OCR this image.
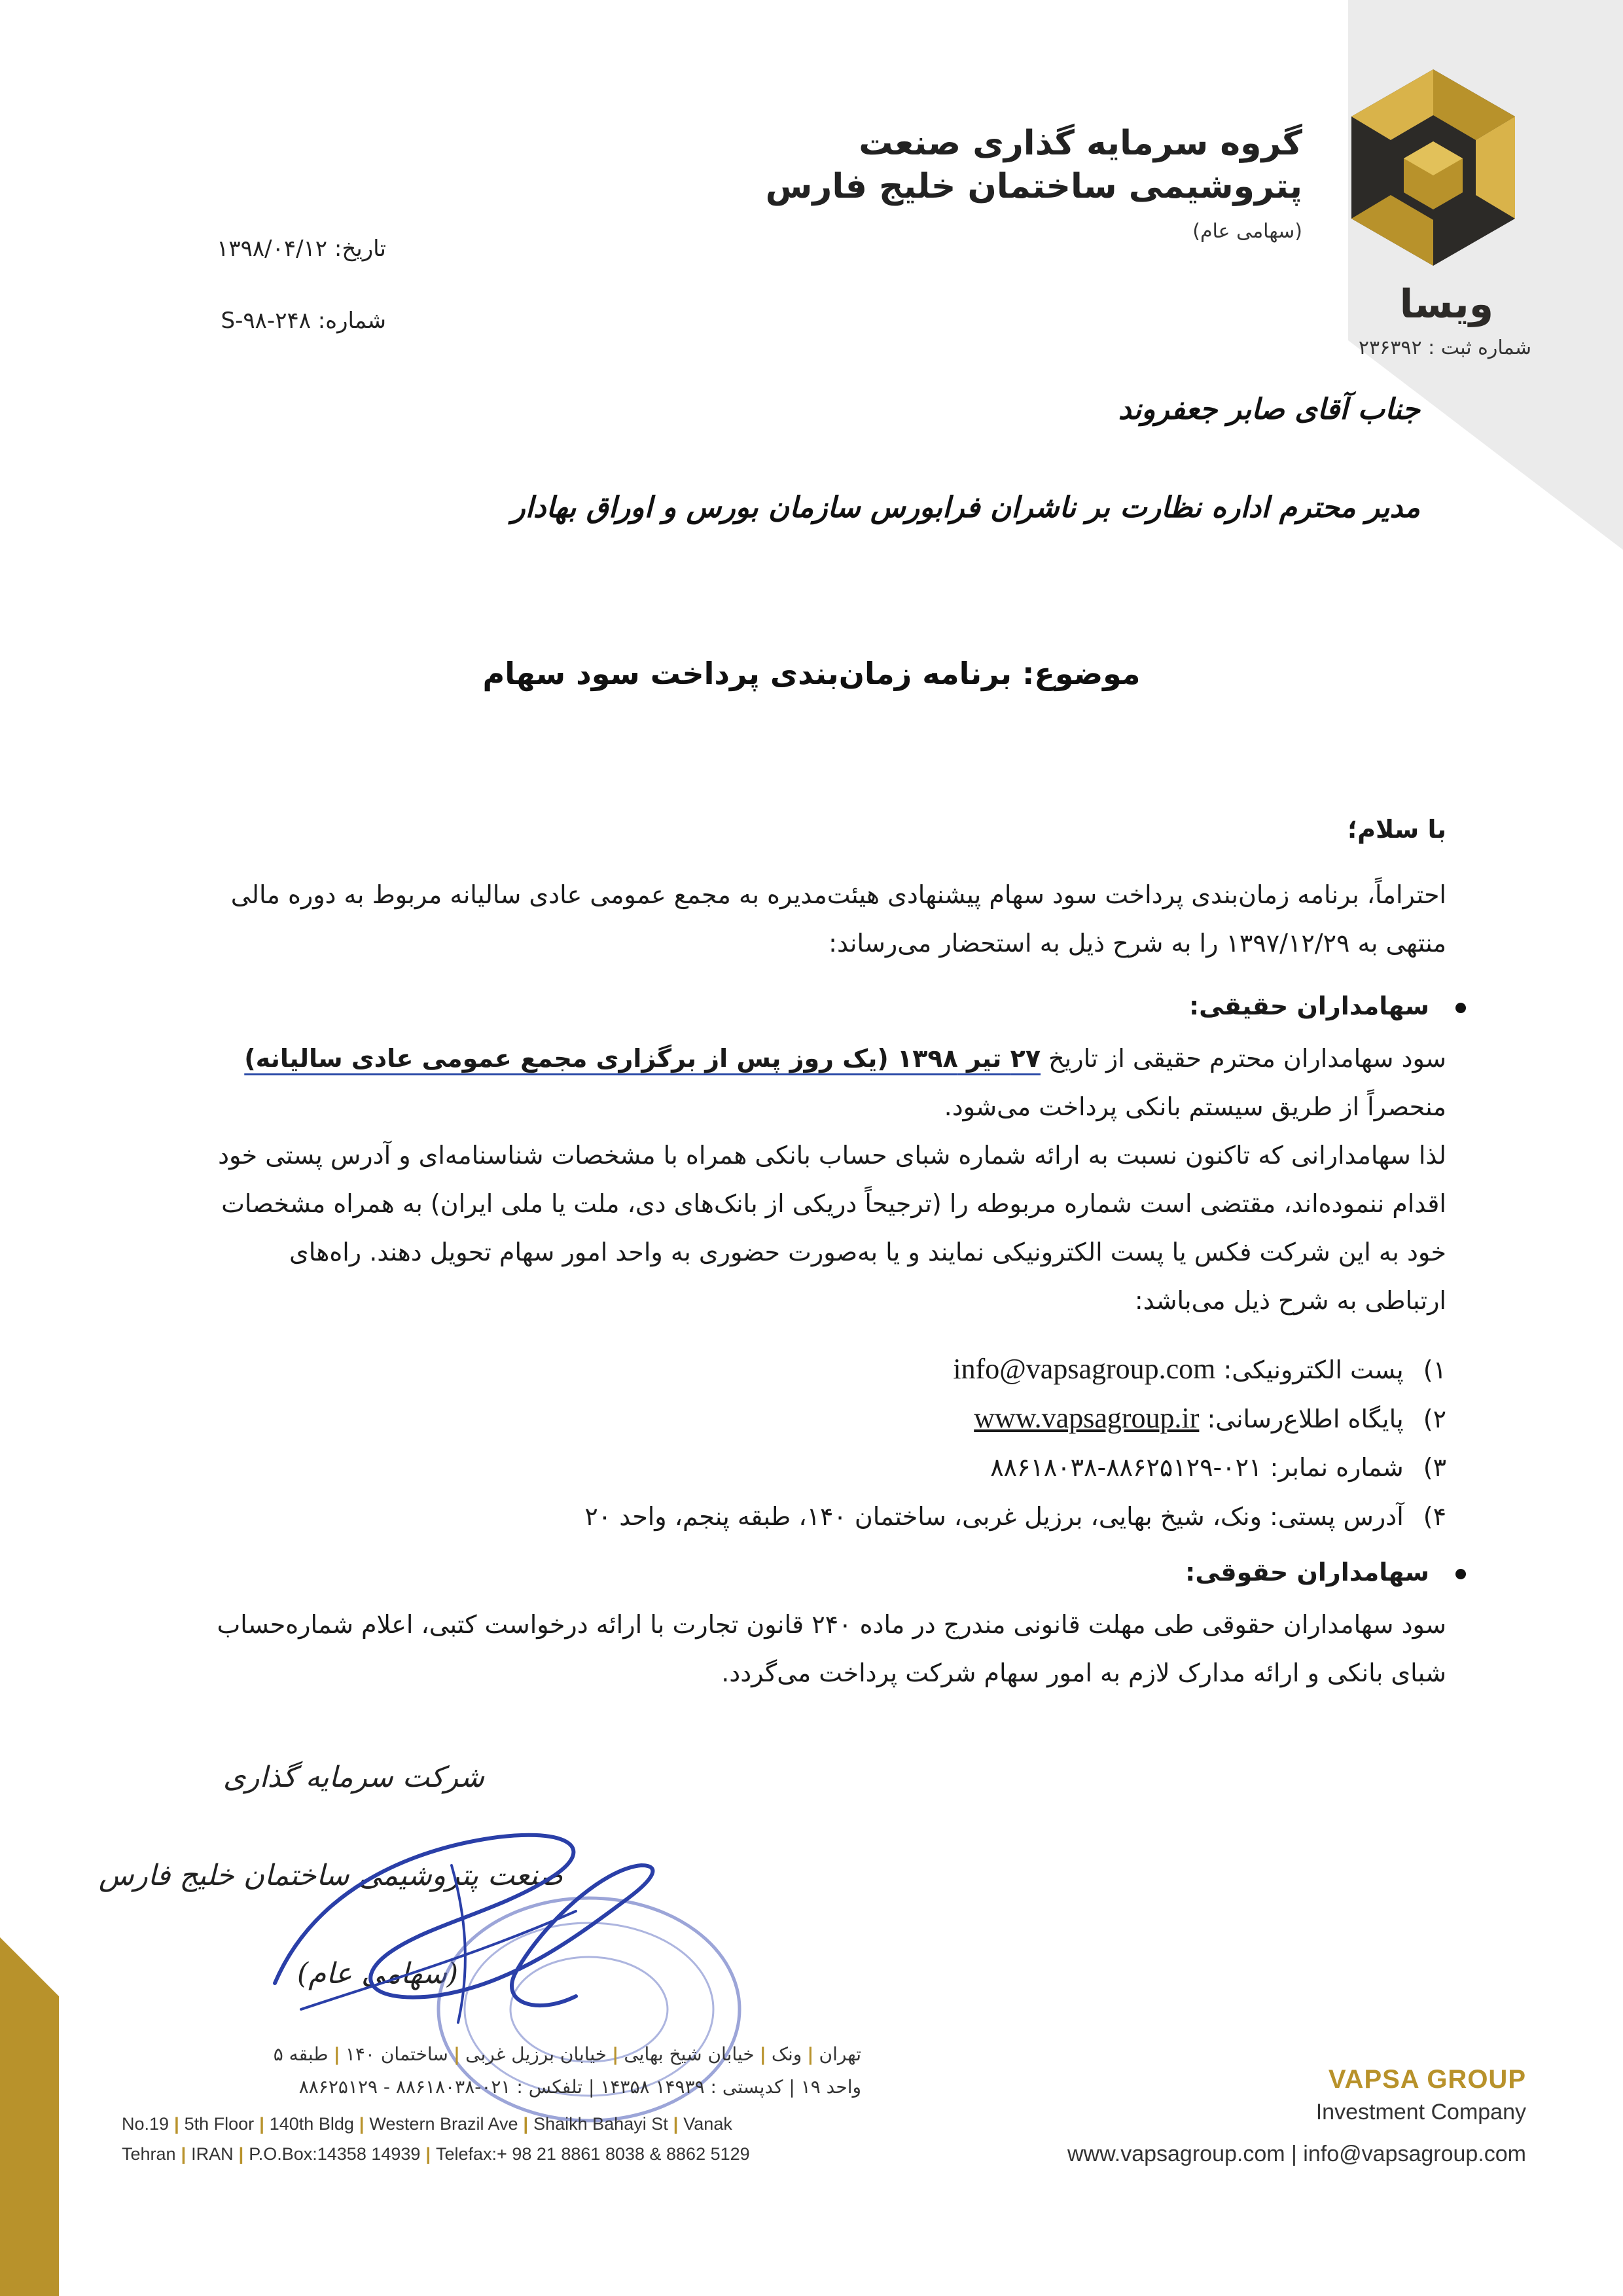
گروه سرمایه گذاری صنعت
پتروشیمی ساختمان خلیج فارس
(سهامی عام)
ویسا
شماره ثبت : ۲۳۶۳۹۲
تاریخ: ۱۳۹۸/۰۴/۱۲
شماره: ۲۴۸-S-۹۸
جناب آقای صابر جعفروند
مدیر محترم اداره نظارت بر ناشران فرابورس سازمان بورس و اوراق بهادار
موضوع: برنامه زمان‌بندی پرداخت سود سهام
با سلام؛

احتراماً، برنامه زمان‌بندی پرداخت سود سهام پیشنهادی هیئت‌مدیره به مجمع عمومی عادی سالیانه مربوط به دوره مالی

منتهی به ۱۳۹۷/۱۲/۲۹ را به شرح ذیل به استحضار می‌رساند:

سهامداران حقیقی:

سود سهامداران محترم حقیقی از تاریخ ۲۷ تیر ۱۳۹۸ (یک روز پس از برگزاری مجمع عمومی عادی سالیانه)

منحصراً از طریق سیستم بانکی پرداخت می‌شود.

لذا سهامدارانی که تاکنون نسبت به ارائه شماره شبای حساب بانکی همراه با مشخصات شناسنامه‌ای و آدرس پستی خود

اقدام ننموده‌اند، مقتضی است شماره مربوطه را (ترجیحاً دریکی از بانک‌های دی، ملت یا ملی ایران) به همراه مشخصات

خود به این شرکت فکس یا پست الکترونیکی نمایند و یا به‌صورت حضوری به واحد امور سهام تحویل دهند. راه‌های

ارتباطی به شرح ذیل می‌باشد:

۱)پست الکترونیکی: info@vapsagroup.com
۲)پایگاه اطلاع‌رسانی: www.vapsagroup.ir
۳)شماره نمابر: ۰۲۱-۸۸۶۲۵۱۲۹-۸۸۶۱۸۰۳۸
۴)آدرس پستی: ونک، شیخ بهایی، برزیل غربی، ساختمان ۱۴۰، طبقه پنجم، واحد ۲۰
سهامداران حقوقی:

سود سهامداران حقوقی طی مهلت قانونی مندرج در ماده ۲۴۰ قانون تجارت با ارائه درخواست کتبی، اعلام شماره‌حساب

شبای بانکی و ارائه مدارک لازم به امور سهام شرکت پرداخت می‌گردد.

شرکت سرمایه گذاری
صنعت پتروشیمی ساختمان خلیج فارس
(سهامی عام)
تهران|ونک|خیابان شیخ بهایی|خیابان برزیل غربی|ساختمان ۱۴۰|طبقه ۵
واحد ۱۹ | کدپستی : ۱۴۹۳۹ ۱۴۳۵۸ | تلفکس : ۰۲۱-۸۸۶۱۸۰۳۸ - ۸۸۶۲۵۱۲۹
No.19 | 5th Floor | 140th Bldg | Western Brazil Ave | Shaikh Bahayi St | Vanak
Tehran | IRAN | P.O.Box:14358 14939 | Telefax:+ 98 21 8861 8038 & 8862 5129
VAPSA GROUP
Investment Company
www.vapsagroup.com | info@vapsagroup.com
